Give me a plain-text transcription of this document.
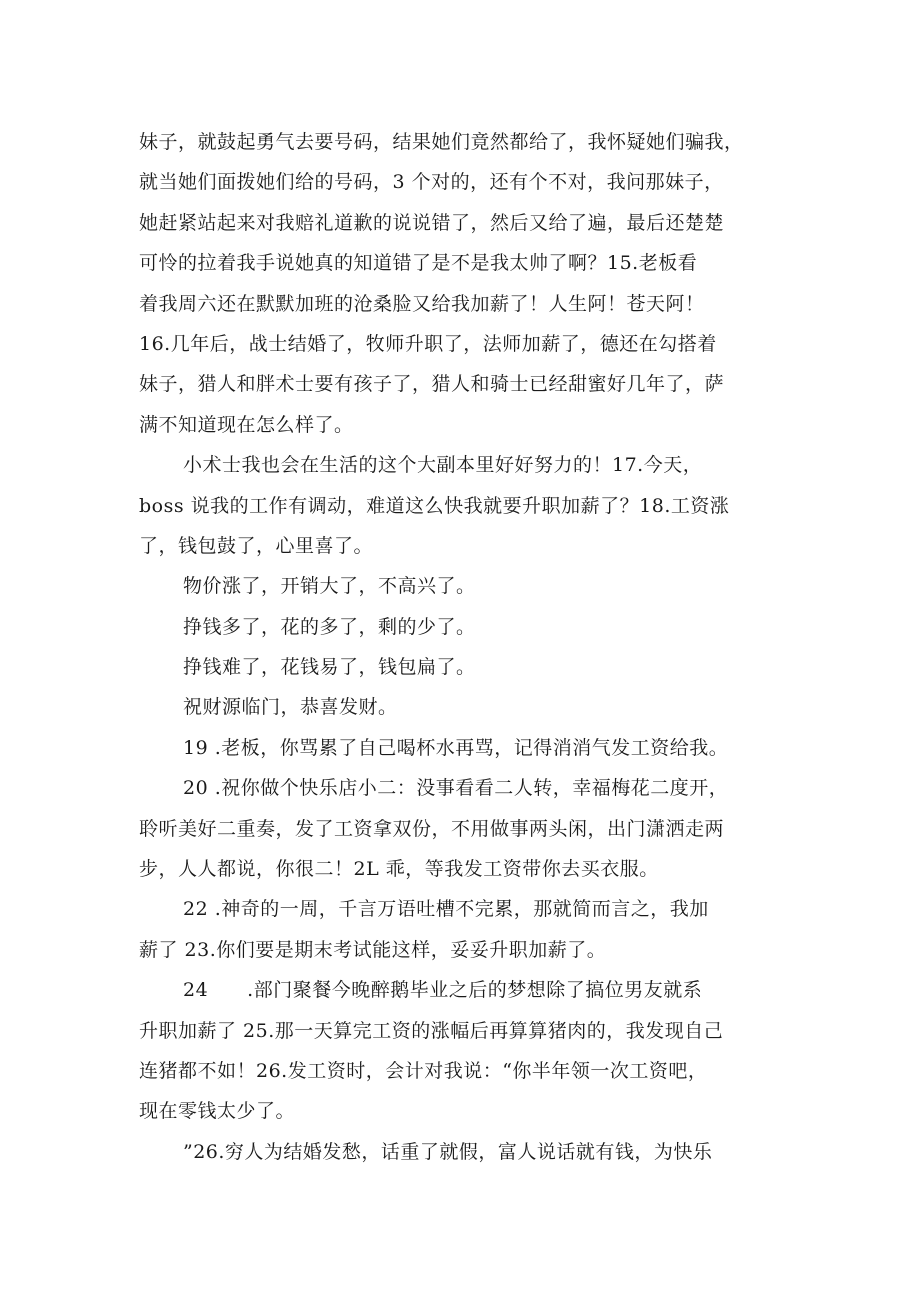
妹子，就鼓起勇气去要号码，结果她们竟然都给了，我怀疑她们骗我，
就当她们面拨她们给的号码，3 个对的，还有个不对，我问那妹子，
她赶紧站起来对我赔礼道歉的说说错了，然后又给了遍，最后还楚楚
可怜的拉着我手说她真的知道错了是不是我太帅了啊？15.老板看
着我周六还在默默加班的沧桑脸又给我加薪了！人生阿！苍天阿！
16.几年后，战士结婚了，牧师升职了，法师加薪了，德还在勾搭着
妹子，猎人和胖术士要有孩子了，猎人和骑士已经甜蜜好几年了，萨
满不知道现在怎么样了。
小术士我也会在生活的这个大副本里好好努力的！17.今天，
boss 说我的工作有调动，难道这么快我就要升职加薪了？18.工资涨
了，钱包鼓了，心里喜了。
物价涨了，开销大了，不高兴了。
挣钱多了，花的多了，剩的少了。
挣钱难了，花钱易了，钱包扁了。
祝财源临门，恭喜发财。
19 .老板，你骂累了自己喝杯水再骂，记得消消气发工资给我。
20 .祝你做个快乐店小二：没事看看二人转，幸福梅花二度开，
聆听美好二重奏，发了工资拿双份，不用做事两头闲，出门潇洒走两
步，人人都说，你很二！2L 乖，等我发工资带你去买衣服。
22 .神奇的一周，千言万语吐槽不完累，那就简而言之，我加
薪了 23.你们要是期末考试能这样，妥妥升职加薪了。
24　　.部门聚餐今晚醉鹅毕业之后的梦想除了搞位男友就系
升职加薪了 25.那一天算完工资的涨幅后再算算猪肉的，我发现自己
连猪都不如！26.发工资时，会计对我说：“你半年领一次工资吧，
现在零钱太少了。
”26.穷人为结婚发愁，话重了就假，富人说话就有钱，为快乐
